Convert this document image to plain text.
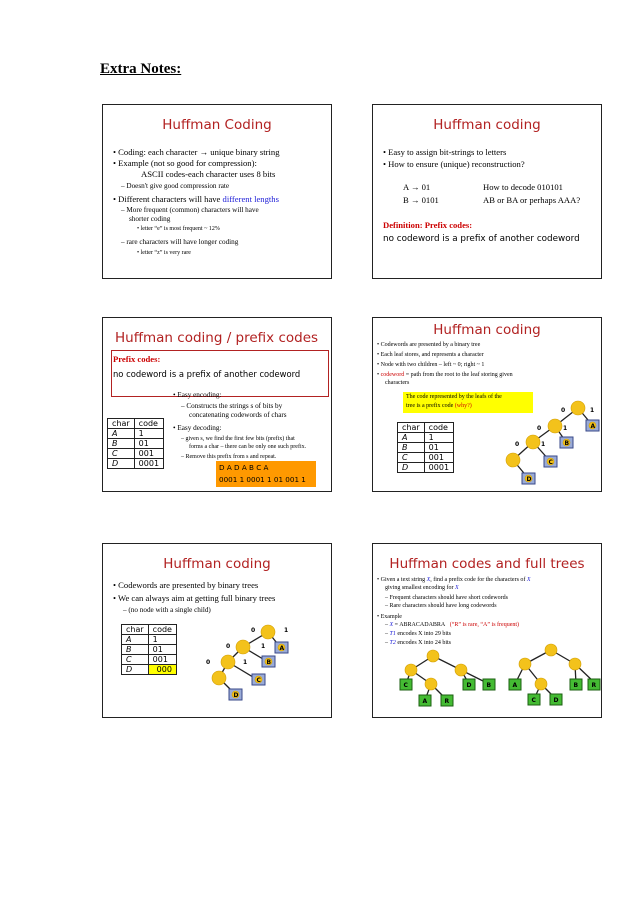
Extra Notes:
Huffman Coding
• Coding: each character → unique binary string
• Example (not so good for compression):
ASCII codes-each character uses 8 bits
– Doesn't give good compression rate
• Different characters will have different lengths
– More frequent (common) characters will have
shorter coding
• letter “e” is most frequent ~ 12%
– rare characters will have longer coding
• letter “z” is very rare
Huffman coding
• Easy to assign bit-strings to letters
• How to ensure (unique) reconstruction?
A → 01	How to decode 010101
B → 0101	AB or BA or perhaps AAA?
Definition: Prefix codes:
no codeword is a prefix of another codeword
Huffman coding / prefix codes
Prefix codes:
no codeword is a prefix of another codeword
• Easy encoding:
– Constructs the strings s of bits by
concatenating codewords of chars
• Easy decoding:
– given s, we find the first few bits (prefix) that
forms a char – there can be only one such prefix.
– Remove this prefix from s and repeat.
D A D A B C A
0001 1 0001 1 01 001 1
char	code
A	1
B	01
C	001
D	0001
Huffman coding
• Codewords are presented by a binary tree
• Each leaf stores, and represents a character
• Node with two children – left ~ 0; right ~ 1
• codeword = path from the root to the leaf storing given
characters
The code represented by the leafs of the
tree is a prefix code (why?)
char	code
A	1
B	01
C	001
D	0001
A
B
C
D
0	1
0	1
0	1
Huffman coding
• Codewords are presented by binary trees
• We can always aim at getting full binary trees
– (no node with a single child)
char	code
A	1
B	01
C	001
D	000
A
B
C
D
0	1
0	1
0	1
Huffman codes and full trees
• Given a text string X, find a prefix code for the characters of X
giving smallest encoding for X
– Frequent characters should have short codewords
– Rare characters should have long codewords
• Example
– X = ABRACADABRA (“R” is rare, “A” is frequent)
– T1 encodes X into 29 bits
– T2 encodes X into 24 bits
C	D	B
A	R
A	B R
C	D
